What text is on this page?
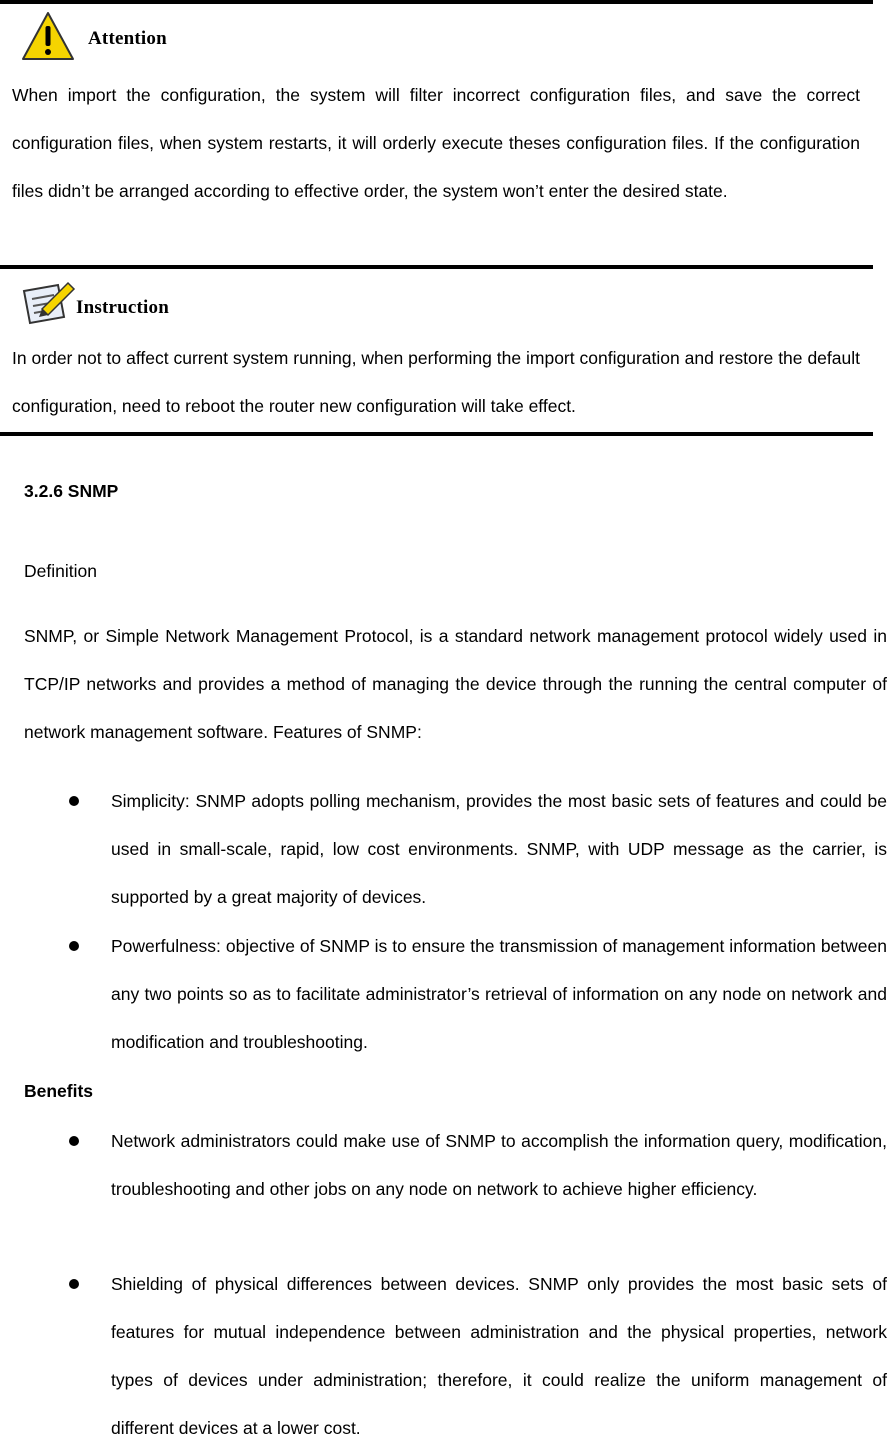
Attention

When import the configuration, the system will filter incorrect configuration files, and save the correct configuration files, when system restarts, it will orderly execute theses configuration files. If the configuration files didn’t be arranged according to effective order, the system won’t enter the desired state.

Instruction

In order not to affect current system running, when performing the import configuration and restore the default configuration, need to reboot the router new configuration will take effect.

3.2.6 SNMP

Definition

SNMP, or Simple Network Management Protocol, is a standard network management protocol widely used in TCP/IP networks and provides a method of managing the device through the running the central computer of network management software. Features of SNMP:

Simplicity: SNMP adopts polling mechanism, provides the most basic sets of features and could be used in small-scale, rapid, low cost environments. SNMP, with UDP message as the carrier, is supported by a great majority of devices.

Powerfulness: objective of SNMP is to ensure the transmission of management information between any two points so as to facilitate administrator’s retrieval of information on any node on network and modification and troubleshooting.

Benefits

Network administrators could make use of SNMP to accomplish the information query, modification, troubleshooting and other jobs on any node on network to achieve higher efficiency.

Shielding of physical differences between devices. SNMP only provides the most basic sets of features for mutual independence between administration and the physical properties, network types of devices under administration; therefore, it could realize the uniform management of different devices at a lower cost.
